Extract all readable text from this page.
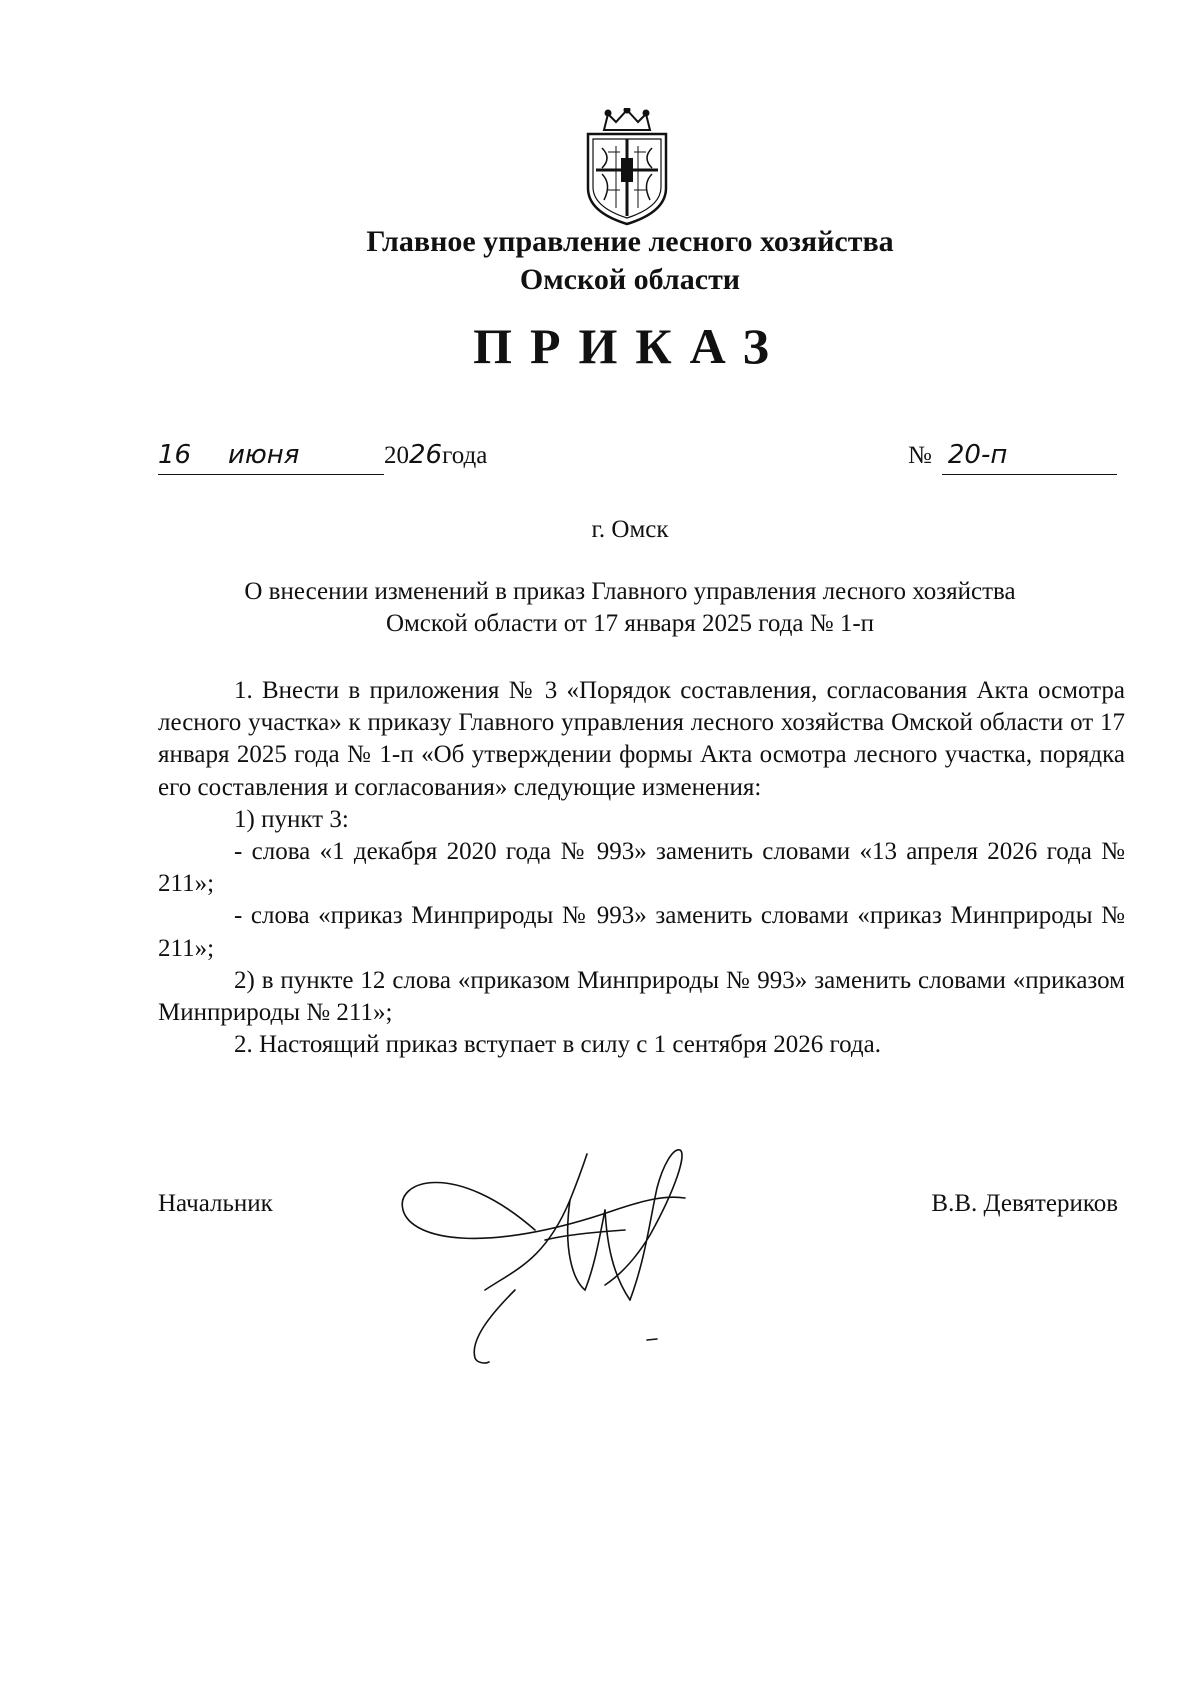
Главное управление лесного хозяйства
Омской области
ПРИКАЗ
16 июня	2026года	№ 20-п
г. Омск
О внесении изменений в приказ Главного управления лесного хозяйства
Омской области от 17 января 2025 года № 1-п

1. Внести в приложения № 3 «Порядок составления, согласования Акта осмотра лесного участка» к приказу Главного управления лесного хозяйства Омской области от 17 января 2025 года № 1-п «Об утверждении формы Акта осмотра лесного участка, порядка его составления и согласования» следующие изменения:

1) пункт 3:

- слова «1 декабря 2020 года № 993» заменить словами «13 апреля 2026 года № 211»;

- слова «приказ Минприроды № 993» заменить словами «приказ Минприроды № 211»;

2) в пункте 12 слова «приказом Минприроды № 993» заменить словами «приказом Минприроды № 211»;

2. Настоящий приказ вступает в силу с 1 сентября 2026 года.

Начальник	В.В. Девятериков
